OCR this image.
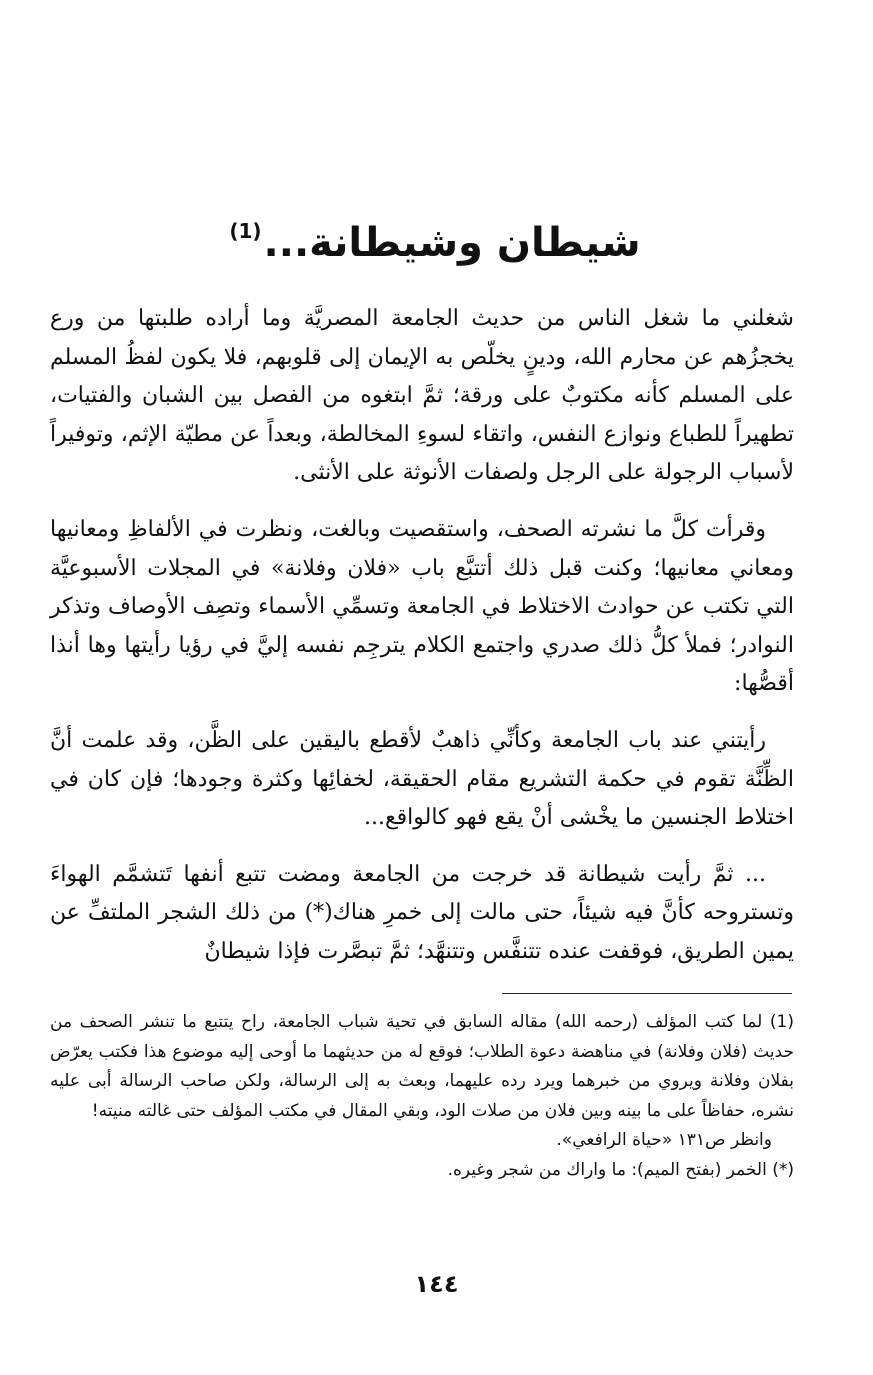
شيطان وشيطانة...$^{(1)}$

شغلني ما شغل الناس من حديث الجامعة المصريَّة وما أراده طلبتها من ورع يخجزُهم عن محارم الله، ودينٍ يخلّص به الإيمان إلى قلوبهم، فلا يكون لفظُ المسلم على المسلم كأنه مكتوبٌ على ورقة؛ ثمَّ ابتغوه من الفصل بين الشبان والفتيات، تطهيراً للطباع ونوازع النفس، واتقاء لسوءِ المخالطة، وبعداً عن مطيّة الإثم، وتوفيراً لأسباب الرجولة على الرجل ولصفات الأنوثة على الأنثى.

وقرأت كلَّ ما نشرته الصحف، واستقصيت وبالغت، ونظرت في الألفاظِ ومعانيها ومعاني معانيها؛ وكنت قبل ذلك أتتبَّع باب «فلان وفلانة» في المجلات الأسبوعيَّة التي تكتب عن حوادث الاختلاط في الجامعة وتسمِّي الأسماء وتصِف الأوصاف وتذكر النوادر؛ فملأ كلُّ ذلك صدري واجتمع الكلام يترجِم نفسه إليَّ في رؤيا رأيتها وها أنذا أقصُّها:

رأيتني عند باب الجامعة وكأنِّي ذاهبٌ لأقطع باليقين على الظَّن، وقد علمت أنَّ الظِّنَّة تقوم في حكمة التشريع مقام الحقيقة، لخفائِها وكثرة وجودها؛ فإن كان في اختلاط الجنسين ما يخْشى أنْ يقع فهو كالواقع...

... ثمَّ رأيت شيطانة قد خرجت من الجامعة ومضت تتبع أنفها تَتشمَّم الهواءَ وتستروحه كأنَّ فيه شيئاً، حتى مالت إلى خمرِ هناك(*) من ذلك الشجر الملتفِّ عن يمين الطريق، فوقفت عنده تتنفَّس وتتنهَّد؛ ثمَّ تبصَّرت فإذا شيطانٌ

(1) لما كتب المؤلف (رحمه الله) مقاله السابق في تحية شباب الجامعة، راح يتتبع ما تنشر الصحف من حديث (فلان وفلانة) في مناهضة دعوة الطلاب؛ فوقع له من حديثهما ما أوحى إليه موضوع هذا فكتب يعرّض بفلان وفلانة ويروي من خبرهما ويرد رده عليهما، وبعث به إلى الرسالة، ولكن صاحب الرسالة أبى عليه نشره، حفاظاً على ما بينه وبين فلان من صلات الود، وبقي المقال في مكتب المؤلف حتى غالته منيته!

وانظر ص١٣١ «حياة الرافعي».

(*) الخمر (بفتح الميم): ما واراك من شجر وغيره.

١٤٤
